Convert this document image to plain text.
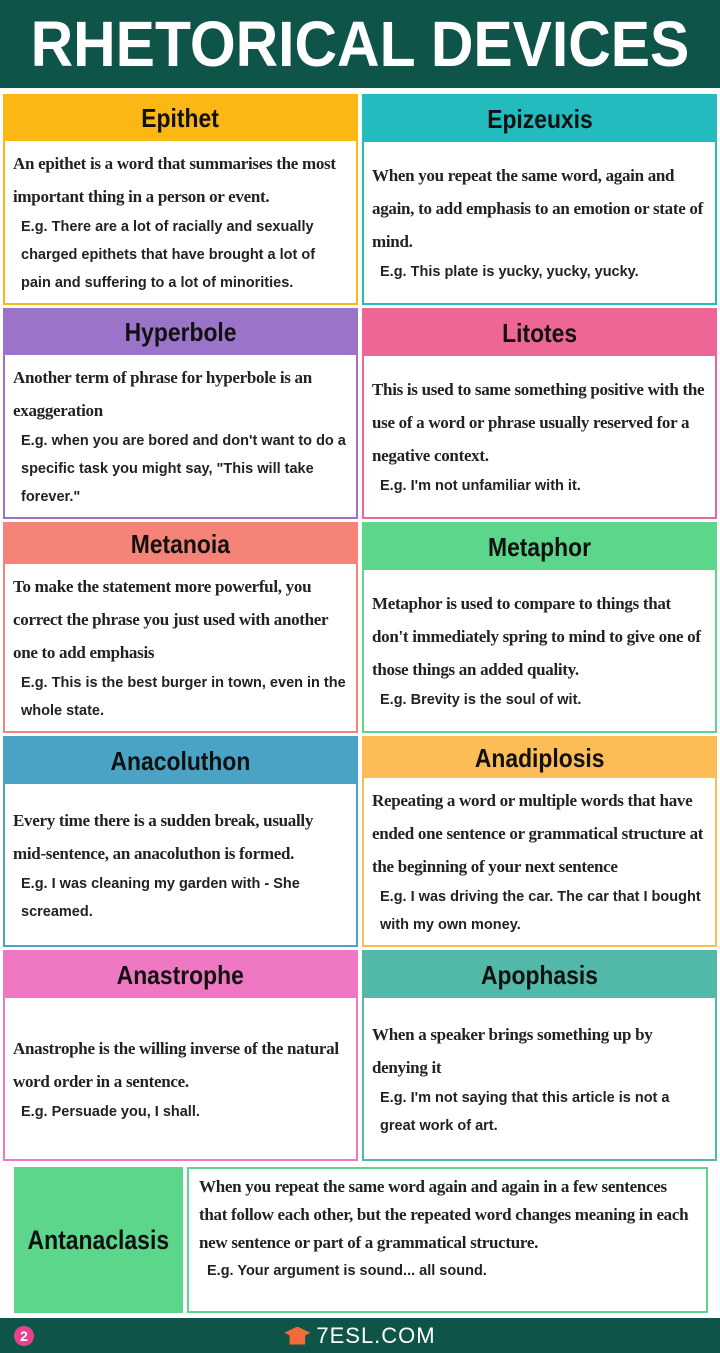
RHETORICAL DEVICES
Epithet
An epithet is a word that summarises the most important thing in a person or event.
E.g. There are a lot of racially and sexually charged epithets that have brought a lot of pain and suffering to a lot of minorities.
Epizeuxis
When you repeat the same word, again and again, to add emphasis to an emotion or state of mind.
E.g. This plate is yucky, yucky, yucky.
Hyperbole
Another term of phrase for hyperbole is an exaggeration
E.g. when you are bored and don't want to do a specific task you might say, "This will take forever."
Litotes
This is used to same something positive with the use of a word or phrase usually reserved for a negative context.
E.g. I'm not unfamiliar with it.
Metanoia
To make the statement more powerful, you correct the phrase you just used with another one to add emphasis
E.g. This is the best burger in town, even in the whole state.
Metaphor
Metaphor is used to compare to things that don't immediately spring to mind to give one of those things an added quality.
E.g. Brevity is the soul of wit.
Anacoluthon
Every time there is a sudden break, usually mid-sentence, an anacoluthon is formed.
E.g. I was cleaning my garden with - She screamed.
Anadiplosis
Repeating a word or multiple words that have ended one sentence or grammatical structure at the beginning of your next sentence
E.g. I was driving the car. The car that I bought with my own money.
Anastrophe
Anastrophe is the willing inverse of the natural word order in a sentence.
E.g. Persuade you, I shall.
Apophasis
When a speaker brings something up by denying it
E.g. I'm not saying that this article is not a great work of art.
Antanaclasis
When you repeat the same word again and again in a few sentences that follow each other, but the repeated word changes meaning in each new sentence or part of a grammatical structure.
E.g. Your argument is sound... all sound.
2	7ESL.COM
